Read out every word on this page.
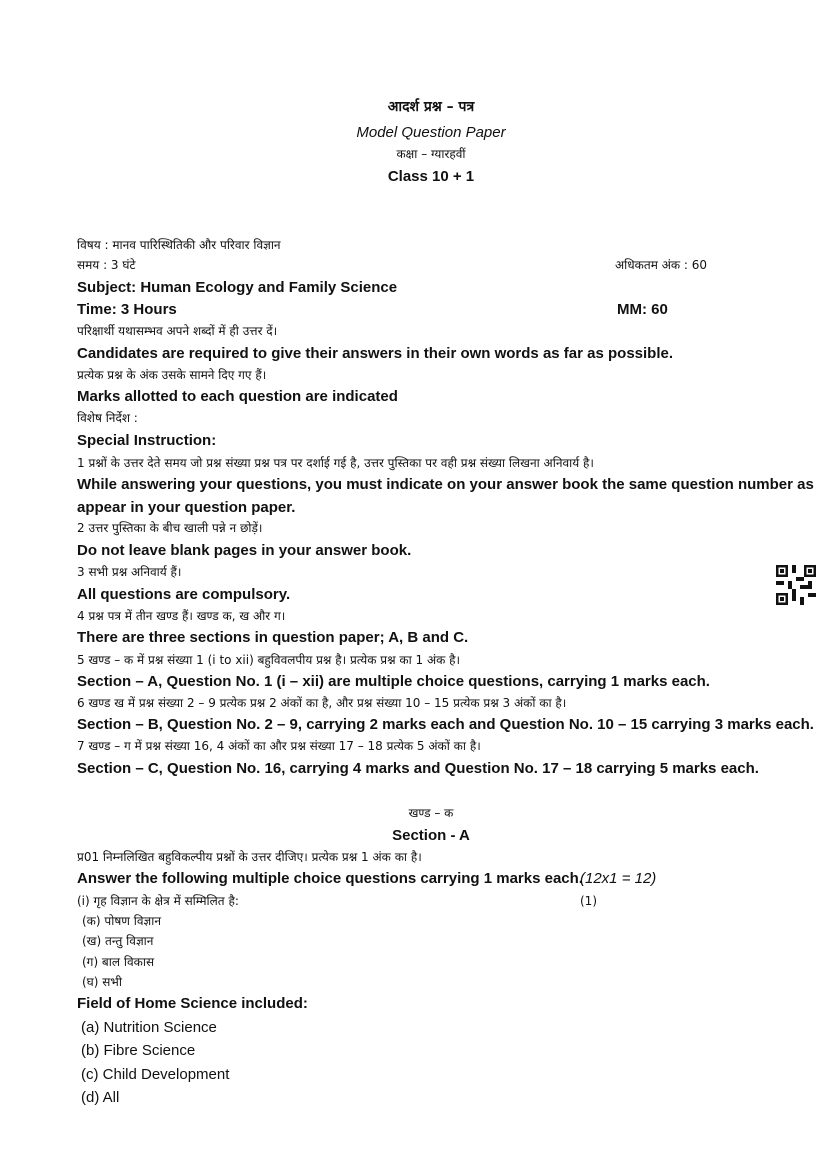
आदर्श प्रश्न – पत्र
Model Question Paper
कक्षा – ग्यारहवीं
Class 10 + 1
विषय : मानव पारिस्थितिकी और परिवार विज्ञान
समय : 3 घंटे	अधिकतम अंक : 60
Subject: Human Ecology and Family Science
Time: 3 Hours	MM: 60
परिक्षार्थी यथासम्भव अपने शब्दों में ही उत्तर दें।
Candidates are required to give their answers in their own words as far as possible.
प्रत्येक प्रश्न के अंक उसके सामने दिए गए हैं।
Marks allotted to each question are indicated
विशेष निर्देश :
Special Instruction:
1 प्रश्नों के उत्तर देते समय जो प्रश्न संख्या प्रश्न पत्र पर दर्शाई गई है, उत्तर पुस्तिका पर वही प्रश्न संख्या लिखना अनिवार्य है।
While answering your questions, you must indicate on your answer book the same question number as
appear in your question paper.
2 उत्तर पुस्तिका के बीच खाली पन्ने न छोड़ें।
Do not leave blank pages in your answer book.
3 सभी प्रश्न अनिवार्य हैं।
All questions are compulsory.
4 प्रश्न पत्र में तीन खण्ड हैं। खण्ड क, ख और ग।
There are three sections in question paper; A, B and C.
5 खण्ड – क में प्रश्न संख्या 1 (i to xii) बहुविवलपीय प्रश्न है। प्रत्येक प्रश्न का 1 अंक है।
Section – A, Question No. 1 (i – xii) are multiple choice questions, carrying 1 marks each.
6 खण्ड ख में प्रश्न संख्या 2 – 9 प्रत्येक प्रश्न 2 अंकों का है, और प्रश्न संख्या 10 – 15 प्रत्येक प्रश्न 3 अंकों का है।
Section – B, Question No. 2 – 9, carrying 2 marks each and Question No. 10 – 15 carrying 3 marks each.
7 खण्ड – ग में प्रश्न संख्या 16, 4 अंकों का और प्रश्न संख्या 17 – 18 प्रत्येक 5 अंकों का है।
Section – C, Question No. 16, carrying 4 marks and Question No. 17 – 18 carrying 5 marks each.
खण्ड – क
Section - A
प्र01 निम्नलिखित बहुविकल्पीय प्रश्नों के उत्तर दीजिए। प्रत्येक प्रश्न 1 अंक का है।
Answer the following multiple choice questions carrying 1 marks each.
(12x1 = 12)
(i) गृह विज्ञान के क्षेत्र में सम्मिलित है:	(1)
(क) पोषण विज्ञान
(ख) तन्तु विज्ञान
(ग) बाल विकास
(घ) सभी
Field of Home Science included:
(a) Nutrition Science
(b) Fibre Science
(c) Child Development
(d) All
